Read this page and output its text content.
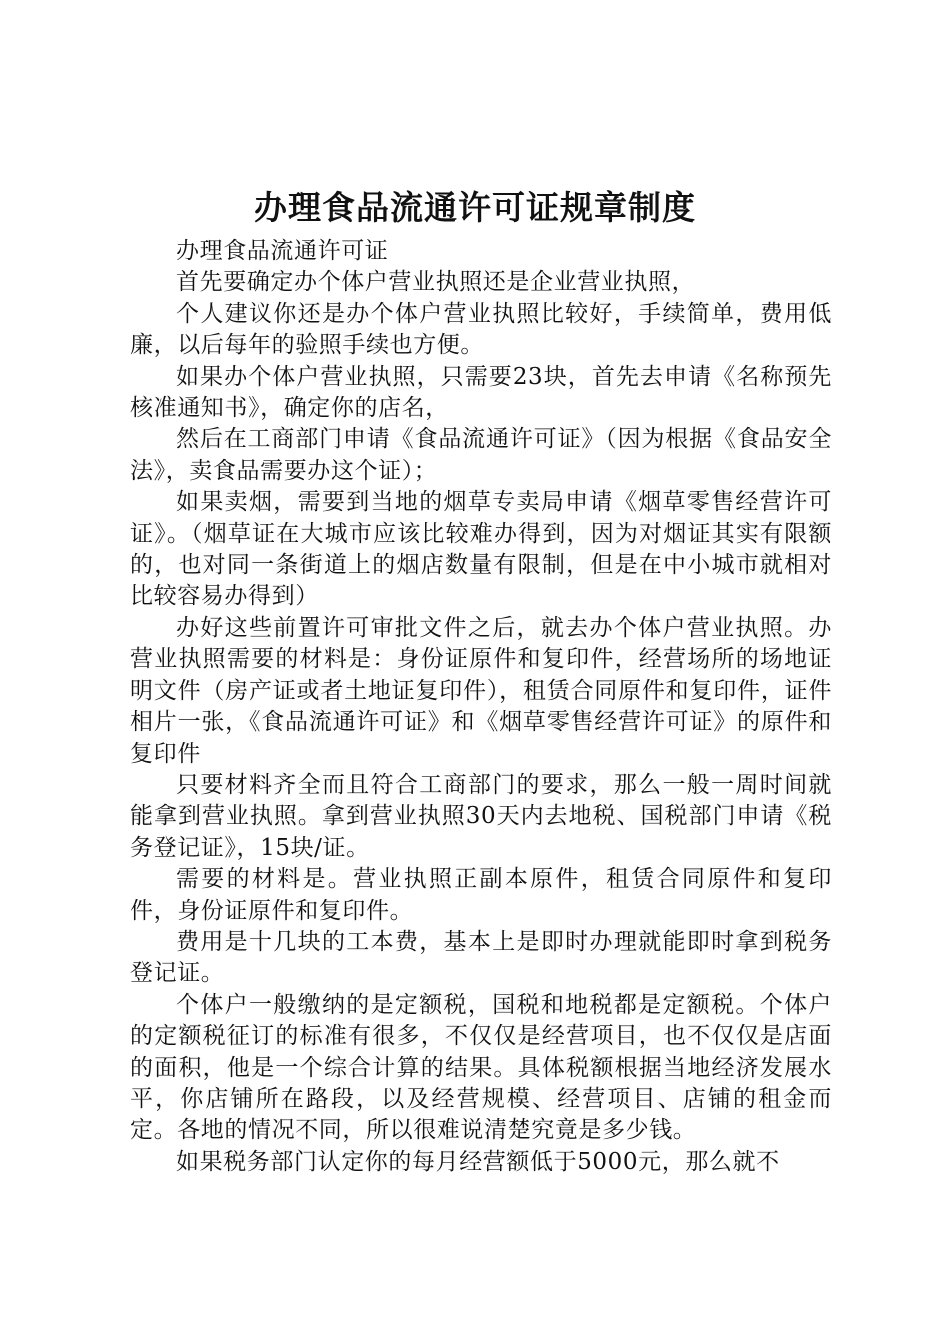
办理食品流通许可证规章制度

办理食品流通许可证

首先要确定办个体户营业执照还是企业营业执照，

个人建议你还是办个体户营业执照比较好，手续简单，费用低廉，以后每年的验照手续也方便。

如果办个体户营业执照，只需要23块，首先去申请《名称预先核准通知书》，确定你的店名，

然后在工商部门申请《食品流通许可证》（因为根据《食品安全法》，卖食品需要办这个证）；

如果卖烟，需要到当地的烟草专卖局申请《烟草零售经营许可证》。（烟草证在大城市应该比较难办得到，因为对烟证其实有限额的，也对同一条街道上的烟店数量有限制，但是在中小城市就相对比较容易办得到）

办好这些前置许可审批文件之后，就去办个体户营业执照。办营业执照需要的材料是：身份证原件和复印件，经营场所的场地证明文件（房产证或者土地证复印件），租赁合同原件和复印件，证件相片一张，《食品流通许可证》和《烟草零售经营许可证》的原件和复印件

只要材料齐全而且符合工商部门的要求，那么一般一周时间就能拿到营业执照。拿到营业执照30天内去地税、国税部门申请《税务登记证》，15块/证。

需要的材料是。营业执照正副本原件，租赁合同原件和复印件，身份证原件和复印件。

费用是十几块的工本费，基本上是即时办理就能即时拿到税务登记证。

个体户一般缴纳的是定额税，国税和地税都是定额税。个体户的定额税征订的标准有很多，不仅仅是经营项目，也不仅仅是店面的面积，他是一个综合计算的结果。具体税额根据当地经济发展水平，你店铺所在路段，以及经营规模、经营项目、店铺的租金而定。各地的情况不同，所以很难说清楚究竟是多少钱。

如果税务部门认定你的每月经营额低于5000元，那么就不
